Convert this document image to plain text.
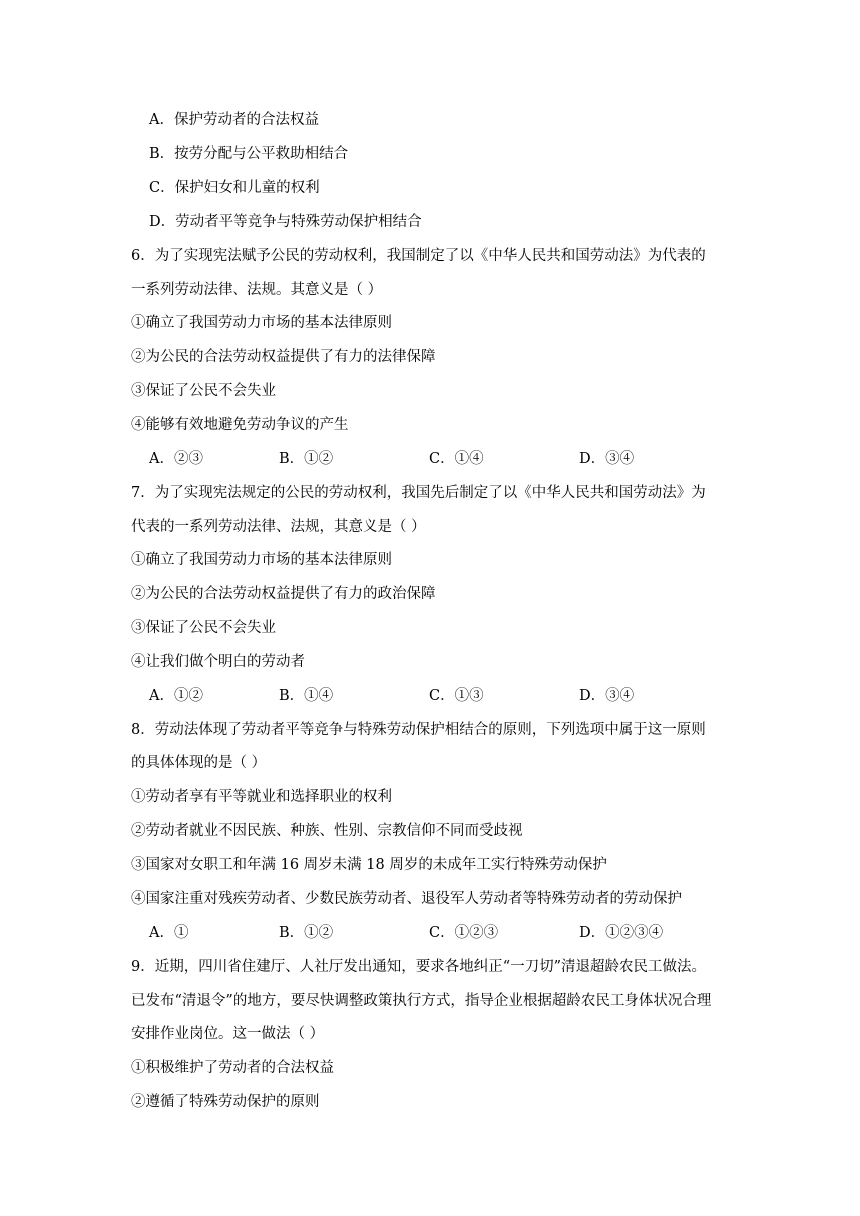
A．保护劳动者的合法权益
B．按劳分配与公平救助相结合
C．保护妇女和儿童的权利
D．劳动者平等竞争与特殊劳动保护相结合
6．为了实现宪法赋予公民的劳动权利，我国制定了以《中华人民共和国劳动法》为代表的
一系列劳动法律、法规。其意义是（ ）
①确立了我国劳动力市场的基本法律原则
②为公民的合法劳动权益提供了有力的法律保障
③保证了公民不会失业
④能够有效地避免劳动争议的产生
A．②③	B．①②	C．①④	D．③④
7．为了实现宪法规定的公民的劳动权利，我国先后制定了以《中华人民共和国劳动法》为
代表的一系列劳动法律、法规，其意义是（ ）
①确立了我国劳动力市场的基本法律原则
②为公民的合法劳动权益提供了有力的政治保障
③保证了公民不会失业
④让我们做个明白的劳动者
A．①②	B．①④	C．①③	D．③④
8．劳动法体现了劳动者平等竞争与特殊劳动保护相结合的原则，下列选项中属于这一原则
的具体体现的是（ ）
①劳动者享有平等就业和选择职业的权利
②劳动者就业不因民族、种族、性别、宗教信仰不同而受歧视
③国家对女职工和年满 16 周岁未满 18 周岁的未成年工实行特殊劳动保护
④国家注重对残疾劳动者、少数民族劳动者、退役军人劳动者等特殊劳动者的劳动保护
A．①	B．①②	C．①②③	D．①②③④
9．近期，四川省住建厅、人社厅发出通知，要求各地纠正“一刀切”清退超龄农民工做法。
已发布“清退令”的地方，要尽快调整政策执行方式，指导企业根据超龄农民工身体状况合理
安排作业岗位。这一做法（ ）
①积极维护了劳动者的合法权益
②遵循了特殊劳动保护的原则
